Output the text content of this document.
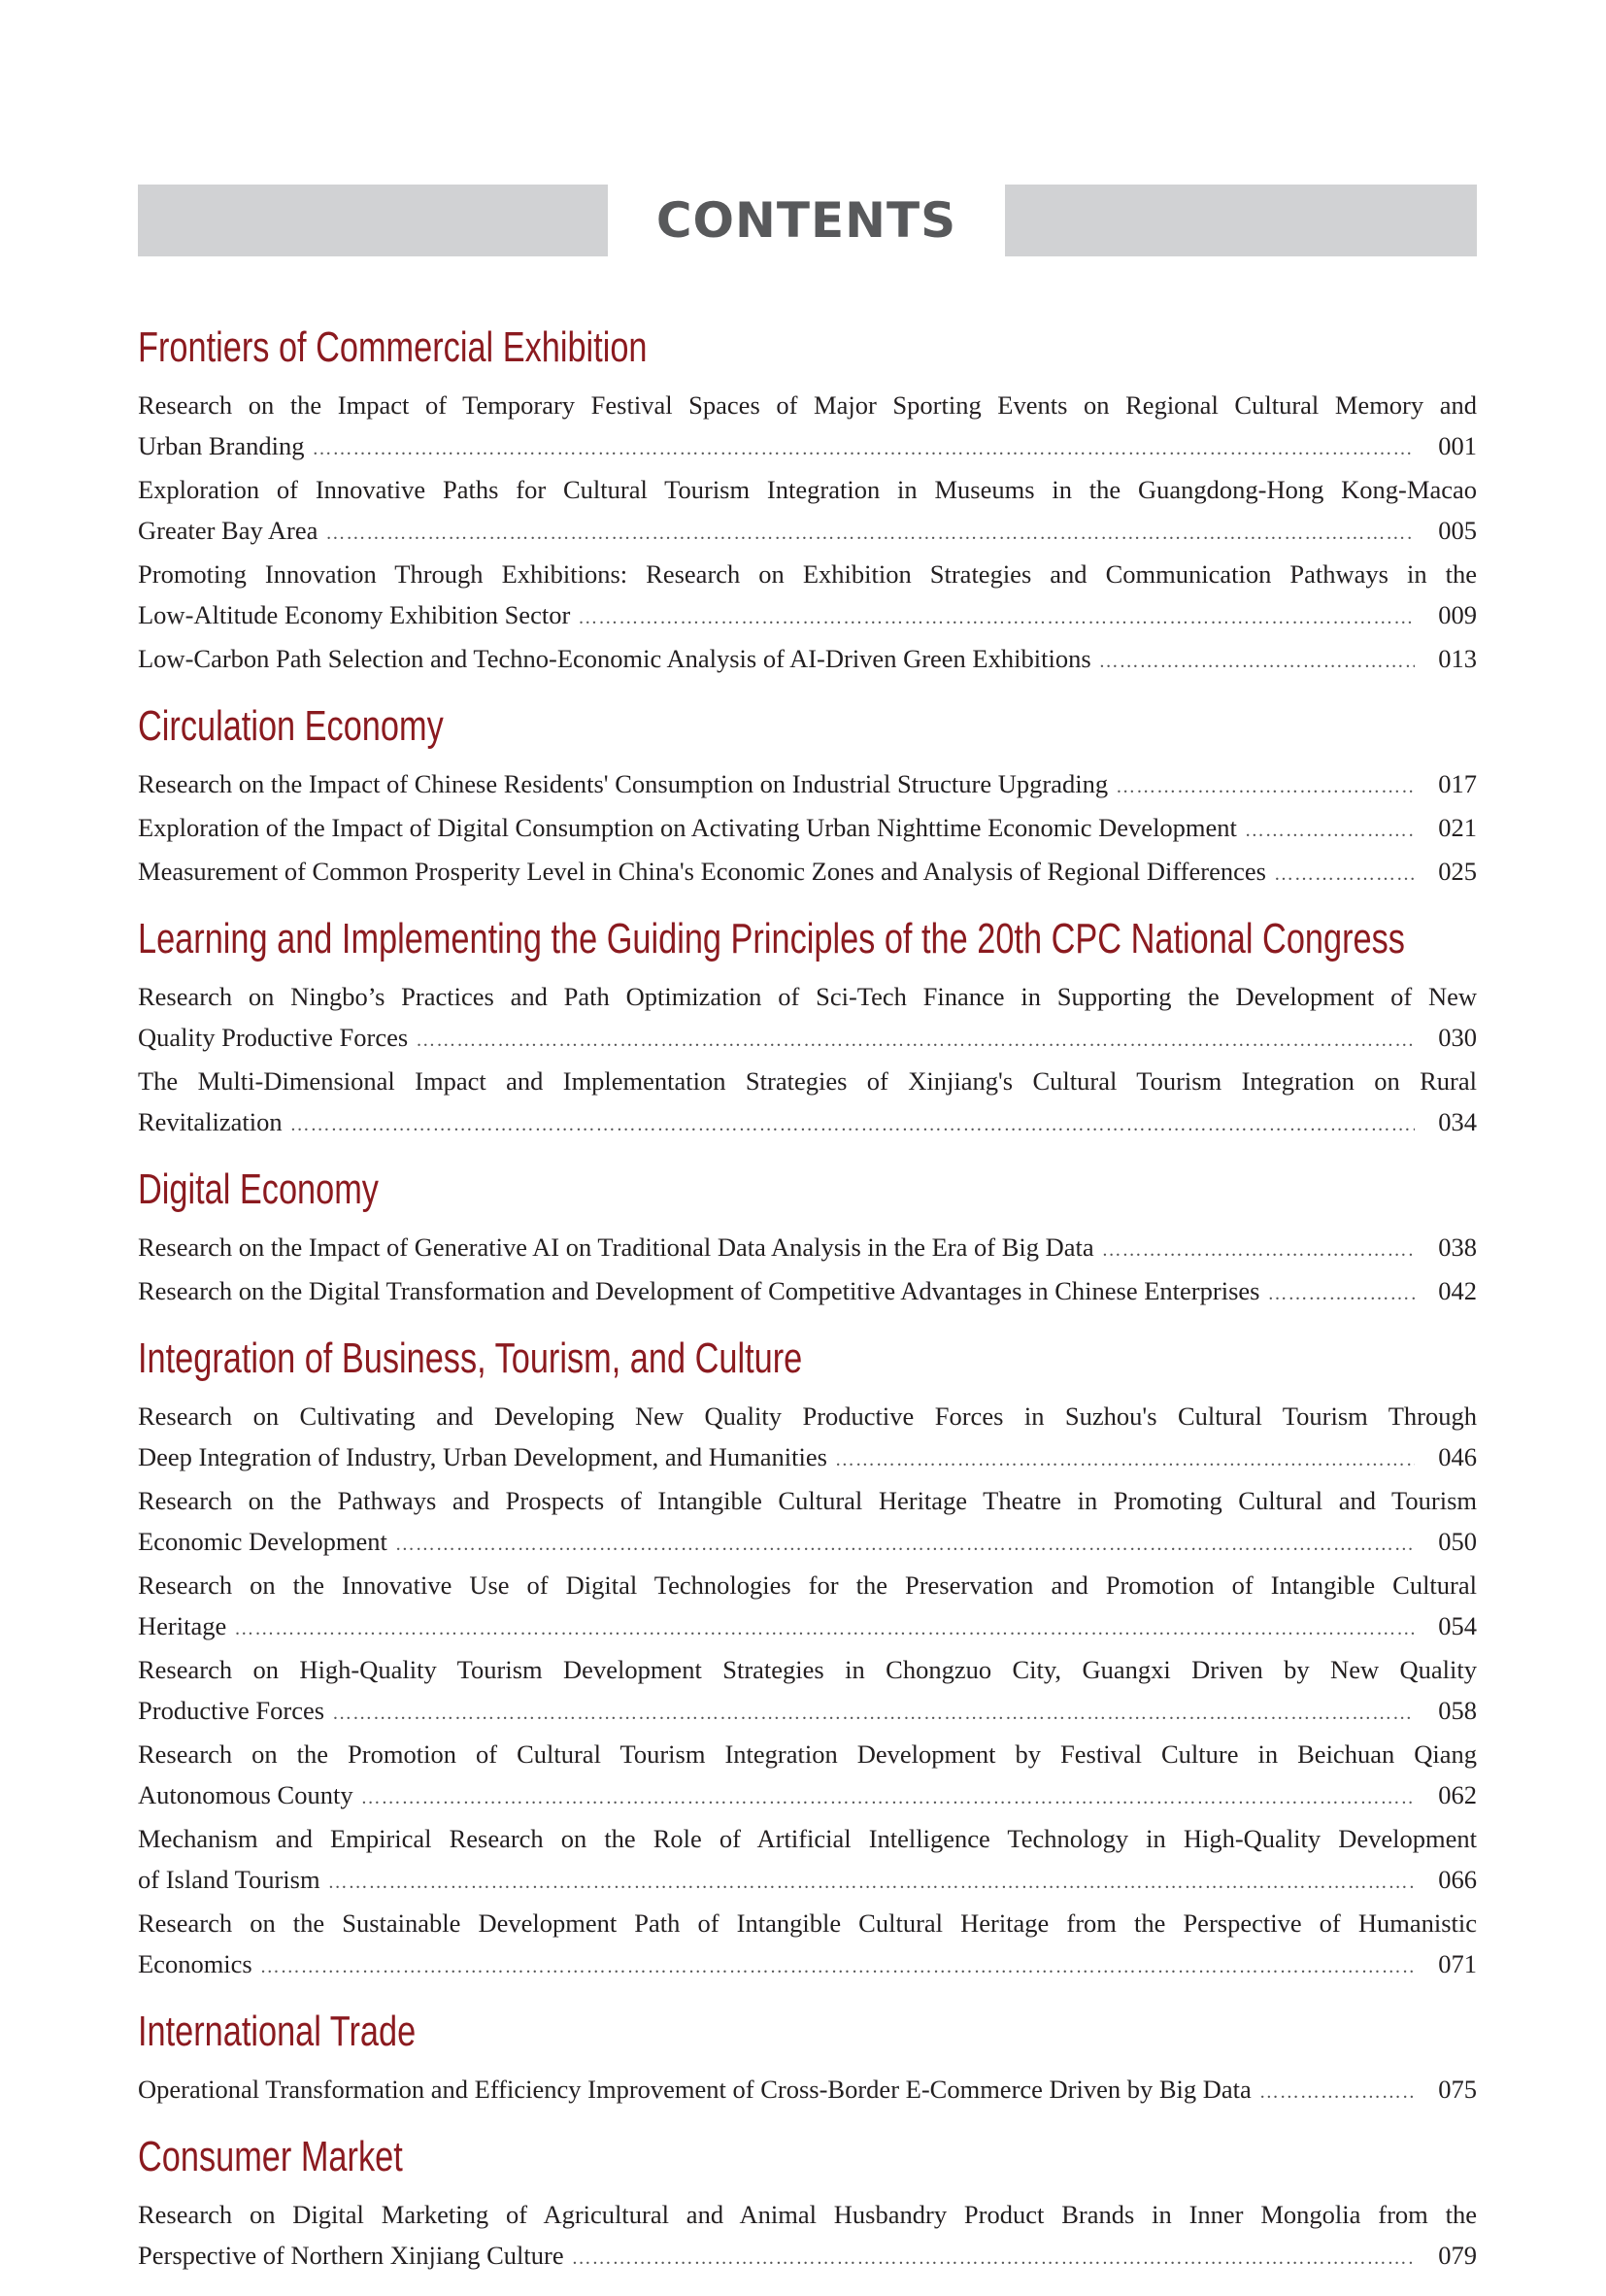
CONTENTS
Frontiers of Commercial Exhibition
Research on the Impact of Temporary Festival Spaces of Major Sporting Events on Regional Cultural Memory and
Urban Branding ……………………………………………………………………………………………………………………………………………………………………………………………………………………	001
Exploration of Innovative Paths for Cultural Tourism Integration in Museums in the Guangdong-Hong Kong-Macao
Greater Bay Area ……………………………………………………………………………………………………………………………………………………………………………………………………………………	005
Promoting Innovation Through Exhibitions: Research on Exhibition Strategies and Communication Pathways in the
Low-Altitude Economy Exhibition Sector ……………………………………………………………………………………………………………………………………………………………………………………………………………………	009
Low-Carbon Path Selection and Techno-Economic Analysis of AI-Driven Green Exhibitions ……………………………………………………………………………………………………………………………………………………………………………………………………………………	013
Circulation Economy
Research on the Impact of Chinese Residents' Consumption on Industrial Structure Upgrading ……………………………………………………………………………………………………………………………………………………………………………………………………………………	017
Exploration of the Impact of Digital Consumption on Activating Urban Nighttime Economic Development ……………………………………………………………………………………………………………………………………………………………………………………………………………………	021
Measurement of Common Prosperity Level in China's Economic Zones and Analysis of Regional Differences ……………………………………………………………………………………………………………………………………………………………………………………………………………………	025
Learning and Implementing the Guiding Principles of the 20th CPC National Congress
Research on Ningbo’s Practices and Path Optimization of Sci-Tech Finance in Supporting the Development of New
Quality Productive Forces ……………………………………………………………………………………………………………………………………………………………………………………………………………………	030
The Multi-Dimensional Impact and Implementation Strategies of Xinjiang's Cultural Tourism Integration on Rural
Revitalization ……………………………………………………………………………………………………………………………………………………………………………………………………………………	034
Digital Economy
Research on the Impact of Generative AI on Traditional Data Analysis in the Era of Big Data ……………………………………………………………………………………………………………………………………………………………………………………………………………………	038
Research on the Digital Transformation and Development of Competitive Advantages in Chinese Enterprises ……………………………………………………………………………………………………………………………………………………………………………………………………………………	042
Integration of Business, Tourism, and Culture
Research on Cultivating and Developing New Quality Productive Forces in Suzhou's Cultural Tourism Through
Deep Integration of Industry, Urban Development, and Humanities ……………………………………………………………………………………………………………………………………………………………………………………………………………………	046
Research on the Pathways and Prospects of Intangible Cultural Heritage Theatre in Promoting Cultural and Tourism
Economic Development ……………………………………………………………………………………………………………………………………………………………………………………………………………………	050
Research on the Innovative Use of Digital Technologies for the Preservation and Promotion of Intangible Cultural
Heritage ……………………………………………………………………………………………………………………………………………………………………………………………………………………	054
Research on High-Quality Tourism Development Strategies in Chongzuo City, Guangxi Driven by New Quality
Productive Forces ……………………………………………………………………………………………………………………………………………………………………………………………………………………	058
Research on the Promotion of Cultural Tourism Integration Development by Festival Culture in Beichuan Qiang
Autonomous County ……………………………………………………………………………………………………………………………………………………………………………………………………………………	062
Mechanism and Empirical Research on the Role of Artificial Intelligence Technology in High-Quality Development
of Island Tourism ……………………………………………………………………………………………………………………………………………………………………………………………………………………	066
Research on the Sustainable Development Path of Intangible Cultural Heritage from the Perspective of Humanistic
Economics ……………………………………………………………………………………………………………………………………………………………………………………………………………………	071
International Trade
Operational Transformation and Efficiency Improvement of Cross-Border E-Commerce Driven by Big Data ……………………………………………………………………………………………………………………………………………………………………………………………………………………	075
Consumer Market
Research on Digital Marketing of Agricultural and Animal Husbandry Product Brands in Inner Mongolia from the
Perspective of Northern Xinjiang Culture ……………………………………………………………………………………………………………………………………………………………………………………………………………………	079
